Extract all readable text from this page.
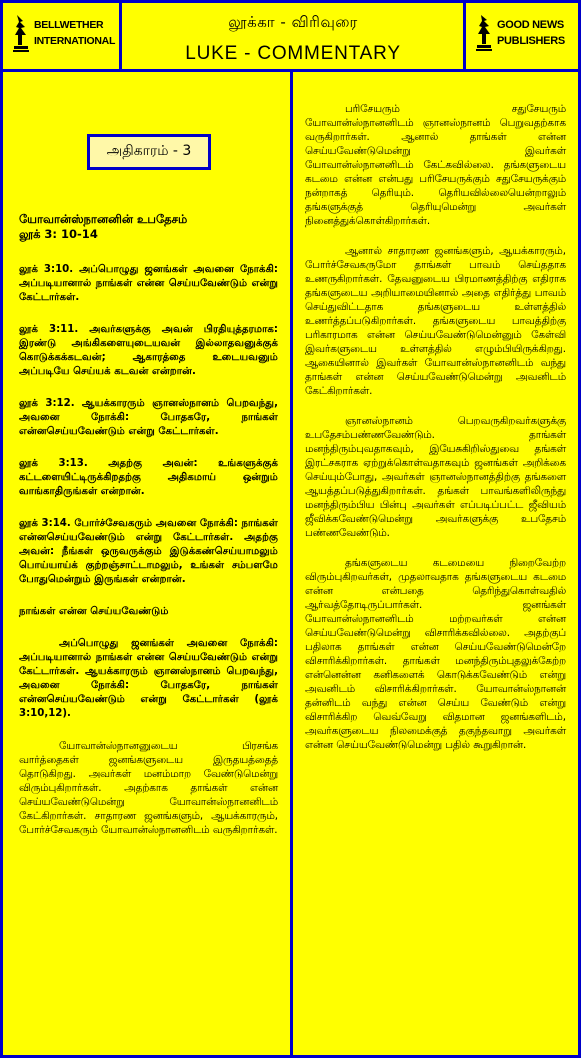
BELLWETHER
INTERNATIONAL
லூக்கா - விரிவுரை
LUKE - COMMENTARY
GOOD NEWS
PUBLISHERS
அதிகாரம் - 3

யோவான்ஸ்நானனின் உபதேசம்
லூக் 3: 10-14

லூக் 3:10. அப்பொழுது ஜனங்கள் அவனை நோக்கி: அப்படியானால் நாங்கள் என்ன செய்யவேண்டும் என்று கேட்டார்கள்.

லூக் 3:11. அவர்களுக்கு அவன் பிரதியுத்தரமாக: இரண்டு அங்கிகளையுடையவன் இல்லாதவனுக்குக் கொடுக்கக்கடவன்; ஆகாரத்தை உடையவனும் அப்படியே செய்யக் கடவன் என்றான்.

லூக் 3:12. ஆயக்காரரும் ஞானஸ்நானம் பெறவந்து, அவனை நோக்கி: போதகரே, நாங்கள் என்னசெய்யவேண்டும் என்று கேட்டார்கள்.

லூக் 3:13. அதற்கு அவன்: உங்களுக்குக் கட்டளையிட்டிருக்கிறதற்கு அதிகமாய் ஒன்றும் வாங்காதிருங்கள் என்றான்.

லூக் 3:14. போர்ச்சேவகரும் அவனை நோக்கி: நாங்கள் என்னசெய்யவேண்டும் என்று கேட்டார்கள். அதற்கு அவன்: நீங்கள் ஒருவருக்கும் இடுக்கண்செய்யாமலும் பொய்யாய்க் குற்றஞ்சாட்டாமலும், உங்கள் சம்பளமே போதுமென்றும் இருங்கள் என்றான்.

நாங்கள் என்ன செய்யவேண்டும்

அப்பொழுது ஜனங்கள் அவனை நோக்கி: அப்படியானால் நாங்கள் என்ன செய்யவேண்டும் என்று கேட்டார்கள். ஆயக்காரரும் ஞானஸ்நானம் பெறவந்து, அவனை நோக்கி: போதகரே, நாங்கள் என்னசெய்யவேண்டும் என்று கேட்டார்கள் (லூக் 3:10,12).

யோவான்ஸ்நானனுடைய பிரசங்க வார்த்தைகள் ஜனங்களுடைய இருதயத்தைத் தொடுகிறது. அவர்கள் மனம்மாற வேண்டுமென்று விரும்புகிறார்கள். அதற்காக தாங்கள் என்ன செய்யவேண்டுமென்று யோவான்ஸ்நானனிடம் கேட்கிறார்கள். சாதாரண ஜனங்களும், ஆயக்காரரும், போர்ச்சேவகரும் யோவான்ஸ்நானனிடம் வருகிறார்கள்.

பரிசேயரும் சதுசேயரும் யோவான்ஸ்நானனிடம் ஞானஸ்நானம் பெறுவதற்காக வருகிறார்கள். ஆனால் தாங்கள் என்ன செய்யவேண்டுமென்று இவர்கள் யோவான்ஸ்நானனிடம் கேட்கவில்லை. தங்களுடைய கடமை என்ன என்பது பரிசேயருக்கும் சதுசேயருக்கும் நன்றாகத் தெரியும். தெரியவில்லையென்றாலும் தங்களுக்குத் தெரியுமென்று அவர்கள் நினைத்துக்கொள்கிறார்கள்.

ஆனால் சாதாரண ஜனங்களும், ஆயக்காரரும், போர்ச்சேவகருமோ தாங்கள் பாவம் செய்ததாக உணருகிறார்கள். தேவனுடைய பிரமாணத்திற்கு எதிராக தங்களுடைய அறியாமையினால் அதை எதிர்த்து பாவம் செய்துவிட்டதாக தங்களுடைய உள்ளத்தில் உணர்த்தப்படுகிறார்கள். தங்களுடைய பாவத்திற்கு பரிகாரமாக என்ன செய்யவேண்டுமென்னும் கேள்வி இவர்களுடைய உள்ளத்தில் எழும்பியிருக்கிறது. ஆகையினால் இவர்கள் யோவான்ஸ்நானனிடம் வந்து தாங்கள் என்ன செய்யவேண்டுமென்று அவனிடம் கேட்கிறார்கள்.

ஞானஸ்நானம் பெறவருகிறவர்களுக்கு உபதேசம்பண்ணவேண்டும். தாங்கள் மனந்திரும்புவதாகவும், இயேசுகிறிஸ்துவை தங்கள் இரட்சகராக ஏற்றுக்கொள்வதாகவும் ஜனங்கள் அறிக்கை செய்யும்போது, அவர்கள் ஞானஸ்நானத்திற்கு தங்களை ஆயத்தப்படுத்துகிறார்கள். தங்கள் பாவங்களிலிருந்து மனந்திரும்பிய பின்பு அவர்கள் எப்படிப்பட்ட ஜீவியம் ஜீவிக்கவேண்டுமென்று அவர்களுக்கு உபதேசம் பண்ணவேண்டும்.

தங்களுடைய கடமையை நிறைவேற்ற விரும்புகிறவர்கள், முதலாவதாக தங்களுடைய கடமை என்ன என்பதை தெரிந்துகொள்வதில் ஆர்வத்தோடிருப்பார்கள். ஜனங்கள் யோவான்ஸ்நானனிடம் மற்றவர்கள் என்ன செய்யவேண்டுமென்று விசாரிக்கவில்லை. அதற்குப் பதிலாக தாங்கள் என்ன செய்யவேண்டுமென்றே விசாரிக்கிறார்கள். தாங்கள் மனந்திரும்புதலுக்கேற்ற என்னென்ன கனிகளைக் கொடுக்கவேண்டும் என்று அவனிடம் விசாரிக்கிறார்கள். யோவான்ஸ்நானன் தன்னிடம் வந்து என்ன செய்ய வேண்டும் என்று விசாரிக்கிற வெவ்வேறு விதமான ஜனங்களிடம், அவர்களுடைய நிலமைக்குத் தகுந்தவாறு அவர்கள் என்ன செய்யவேண்டுமென்று பதில் கூறுகிறான்.
